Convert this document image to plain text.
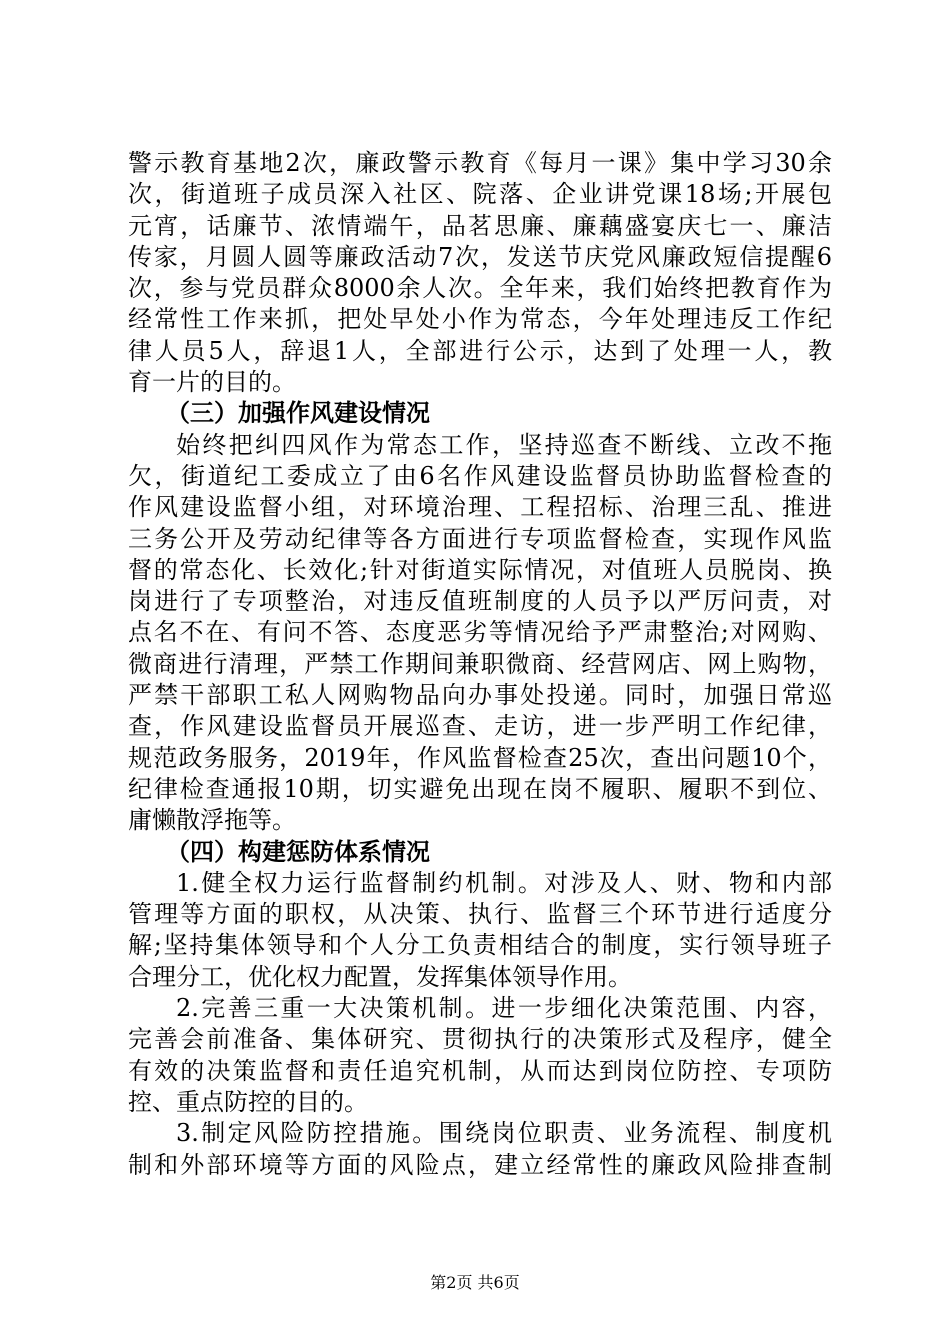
警示教育基地2次，廉政警示教育《每月一课》集中学习30余
次，街道班子成员深入社区、院落、企业讲党课18场;开展包
元宵，话廉节、浓情端午，品茗思廉、廉藕盛宴庆七一、廉洁
传家，月圆人圆等廉政活动7次，发送节庆党风廉政短信提醒6
次，参与党员群众8000余人次。全年来，我们始终把教育作为
经常性工作来抓，把处早处小作为常态，今年处理违反工作纪
律人员5人，辞退1人，全部进行公示，达到了处理一人，教
育一片的目的。
（三）加强作风建设情况
始终把纠四风作为常态工作，坚持巡查不断线、立改不拖
欠，街道纪工委成立了由6名作风建设监督员协助监督检查的
作风建设监督小组，对环境治理、工程招标、治理三乱、推进
三务公开及劳动纪律等各方面进行专项监督检查，实现作风监
督的常态化、长效化;针对街道实际情况，对值班人员脱岗、换
岗进行了专项整治，对违反值班制度的人员予以严厉问责，对
点名不在、有问不答、态度恶劣等情况给予严肃整治;对网购、
微商进行清理，严禁工作期间兼职微商、经营网店、网上购物，
严禁干部职工私人网购物品向办事处投递。同时，加强日常巡
查，作风建设监督员开展巡查、走访，进一步严明工作纪律，
规范政务服务，2019年，作风监督检查25次，查出问题10个，
纪律检查通报10期，切实避免出现在岗不履职、履职不到位、
庸懒散浮拖等。
（四）构建惩防体系情况
1.健全权力运行监督制约机制。对涉及人、财、物和内部
管理等方面的职权，从决策、执行、监督三个环节进行适度分
解;坚持集体领导和个人分工负责相结合的制度，实行领导班子
合理分工，优化权力配置，发挥集体领导作用。
2.完善三重一大决策机制。进一步细化决策范围、内容，
完善会前准备、集体研究、贯彻执行的决策形式及程序，健全
有效的决策监督和责任追究机制，从而达到岗位防控、专项防
控、重点防控的目的。
3.制定风险防控措施。围绕岗位职责、业务流程、制度机
制和外部环境等方面的风险点，建立经常性的廉政风险排查制
第2页 共6页
